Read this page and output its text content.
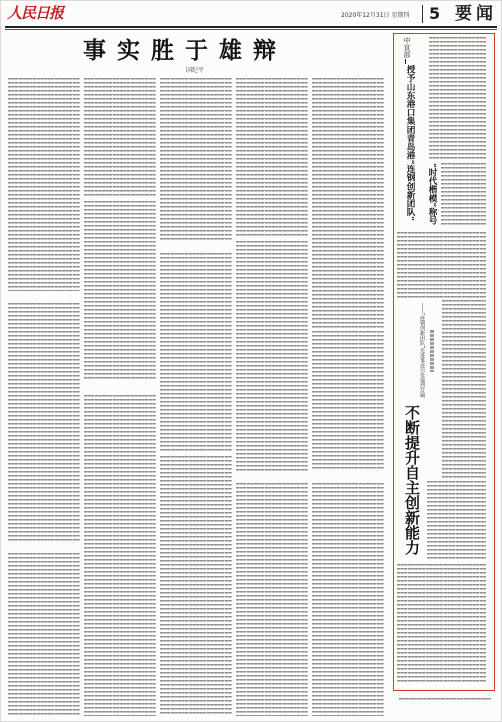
人民日报	2020年12月31日 星期四	5 要闻
事实胜于雄辩
国纪平
中宣部
授予山东港口集团青岛港“连钢创新团队”	“时代楷模”称号
——“连钢创新团队”先进事迹引发强烈反响
不断提升自主创新能力
